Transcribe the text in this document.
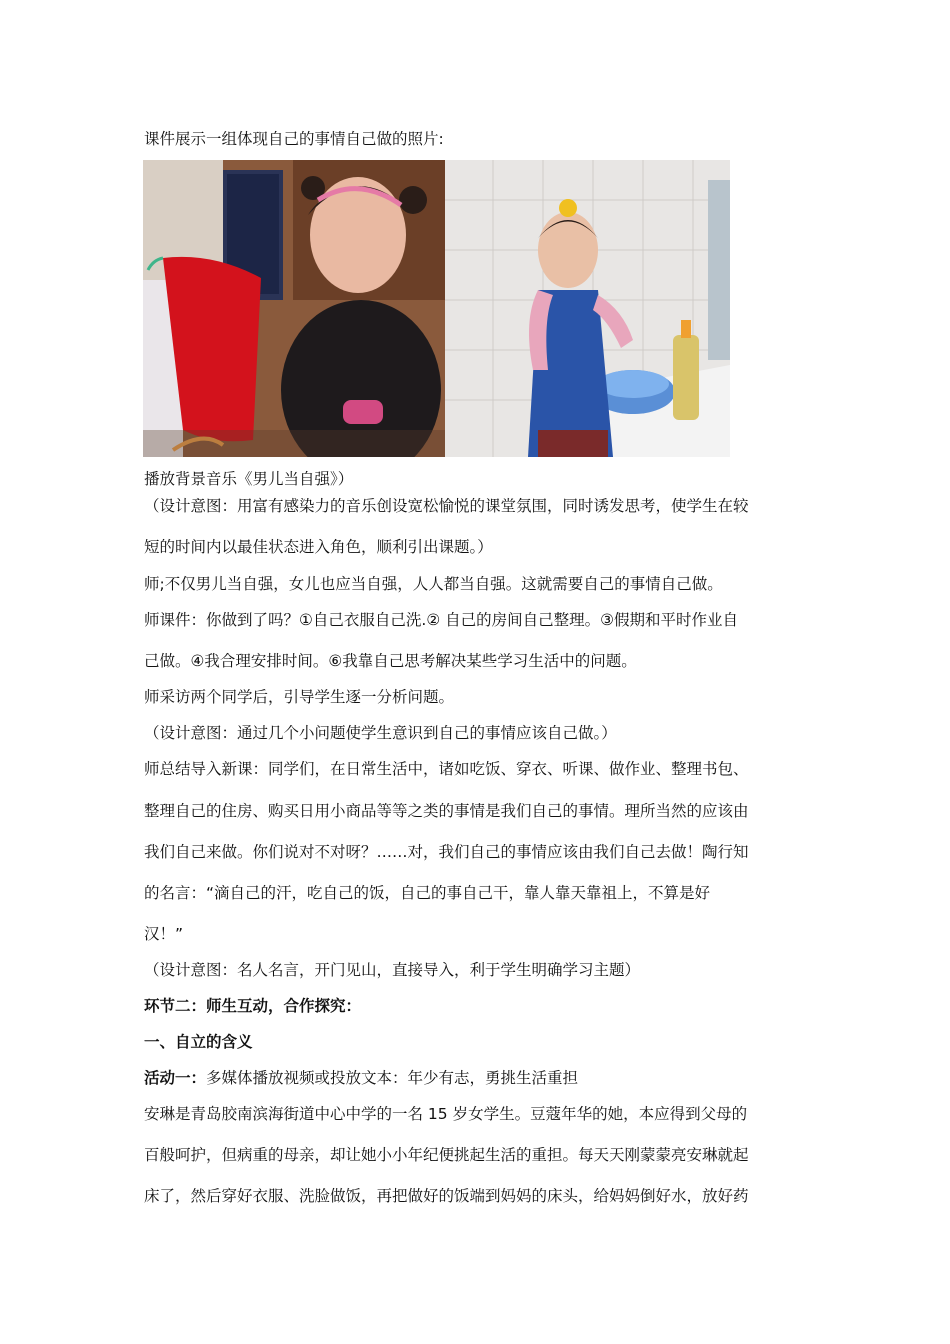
课件展示一组体现自己的事情自己做的照片:
播放背景音乐《男儿当自强》）
（设计意图：用富有感染力的音乐创设宽松愉悦的课堂氛围，同时诱发思考，使学生在较
短的时间内以最佳状态进入角色，顺利引出课题。）
师;不仅男儿当自强，女儿也应当自强，人人都当自强。这就需要自己的事情自己做。
师课件：你做到了吗？①自己衣服自己洗.② 自己的房间自己整理。③假期和平时作业自
己做。④我合理安排时间。⑥我靠自己思考解决某些学习生活中的问题。
师采访两个同学后，引导学生逐一分析问题。
（设计意图：通过几个小问题使学生意识到自己的事情应该自己做。）
师总结导入新课：同学们，在日常生活中，诸如吃饭、穿衣、听课、做作业、整理书包、
整理自己的住房、购买日用小商品等等之类的事情是我们自己的事情。理所当然的应该由
我们自己来做。你们说对不对呀？……对，我们自己的事情应该由我们自己去做！陶行知
的名言：“滴自己的汗，吃自己的饭，自己的事自己干，靠人靠天靠祖上，不算是好
汉！”
（设计意图：名人名言，开门见山，直接导入，利于学生明确学习主题）
环节二：师生互动，合作探究：
一、自立的含义
活动一：多媒体播放视频或投放文本：年少有志，勇挑生活重担
安琳是青岛胶南滨海街道中心中学的一名 15 岁女学生。豆蔻年华的她，本应得到父母的
百般呵护，但病重的母亲，却让她小小年纪便挑起生活的重担。每天天刚蒙蒙亮安琳就起
床了，然后穿好衣服、洗脸做饭，再把做好的饭端到妈妈的床头，给妈妈倒好水，放好药
